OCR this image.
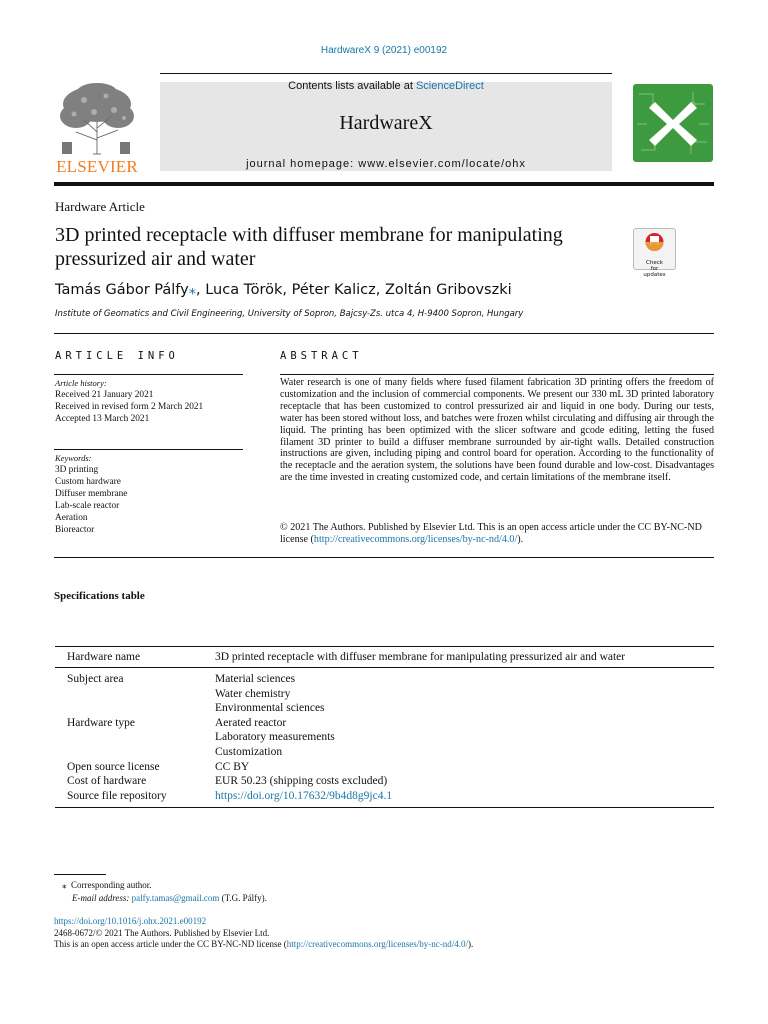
HardwareX 9 (2021) e00192
ELSEVIER
Contents lists available at ScienceDirect
HardwareX
journal homepage: www.elsevier.com/locate/ohx
Hardware Article
3D printed receptacle with diffuser membrane for manipulating pressurized air and water	Check for updates
Tamás Gábor Pálfy⁎, Luca Török, Péter Kalicz, Zoltán Gribovszki
Institute of Geomatics and Civil Engineering, University of Sopron, Bajcsy-Zs. utca 4, H-9400 Sopron, Hungary
ARTICLE INFO
Article history:
Received 21 January 2021
Received in revised form 2 March 2021
Accepted 13 March 2021
Keywords:
3D printing
Custom hardware
Diffuser membrane
Lab-scale reactor
Aeration
Bioreactor
ABSTRACT
Water research is one of many fields where fused filament fabrication 3D printing offers the freedom of customization and the inclusion of commercial components. We present our 330 mL 3D printed laboratory receptacle that has been customized to control pressurized air and liquid in one body. During our tests, water has been stored without loss, and batches were frozen whilst circulating and diffusing air through the liquid. The printing has been optimized with the slicer software and gcode editing, letting the fused filament 3D printer to build a diffuser membrane surrounded by air-tight walls. Detailed construction instructions are given, including piping and control board for operation. According to the functionality of the receptacle and the aeration system, the solutions have been found durable and low-cost. Disadvantages are the time invested in creating customized code, and certain limitations of the membrane itself.
© 2021 The Authors. Published by Elsevier Ltd. This is an open access article under the CC BY-NC-ND license (http://creativecommons.org/licenses/by-nc-nd/4.0/).
Specifications table
Hardware name	3D printed receptacle with diffuser membrane for manipulating pressurized air and water
Subject area	Material sciences
Water chemistry
Environmental sciences

Hardware type	Aerated reactor
Laboratory measurements
Customization

Open source license	CC BY
Cost of hardware	EUR 50.23 (shipping costs excluded)
Source file repository	https://doi.org/10.17632/9b4d8g9jc4.1
⁎ Corresponding author.
E-mail address: palfy.tamas@gmail.com (T.G. Pálfy).
https://doi.org/10.1016/j.ohx.2021.e00192
2468-0672/© 2021 The Authors. Published by Elsevier Ltd.
This is an open access article under the CC BY-NC-ND license (http://creativecommons.org/licenses/by-nc-nd/4.0/).
